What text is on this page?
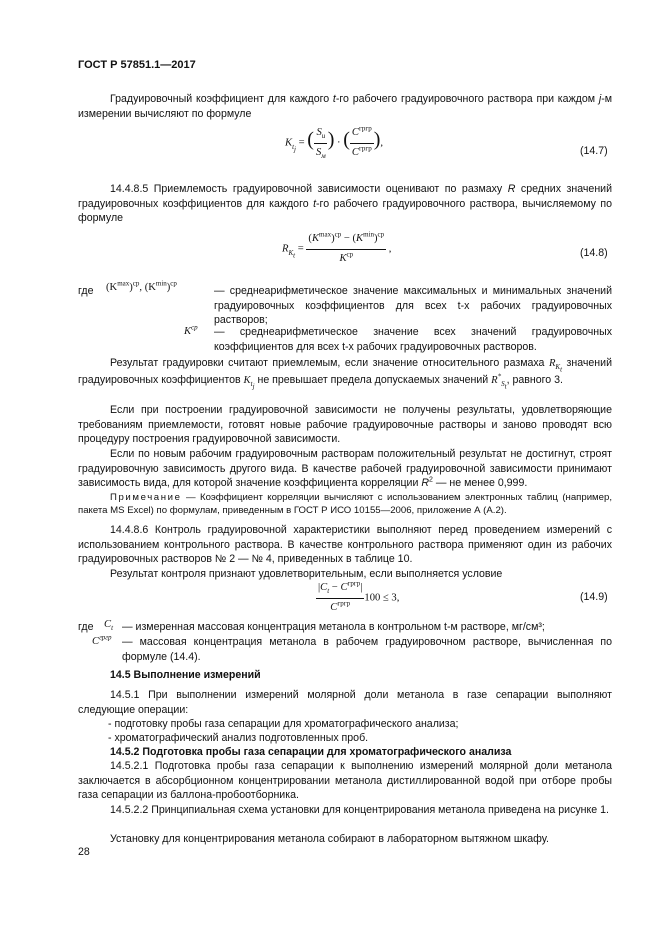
ГОСТ Р 57851.1—2017
Градуировочный коэффициент для каждого t-го рабочего градуировочного раствора при каждом j-м измерении вычисляют по формуле
$K_{t_j}$ = ( $\frac{S_и}{S_м}$ ) · ( $\frac{C^{гргр}}{C^{гргр}}$ ),
(14.7)
14.4.8.5 Приемлемость градуировочной зависимости оценивают по размаху R средних значений градуировочных коэффициентов для каждого t-го рабочего градуировочного раствора, вычисляемому по формуле
$R_{K_t} = \frac{(K^{max})^{ср} - (K^{min})^{ср}}{K^{ср}}$ ,	(14.8)
где $(K^{max})^{ср}$, $(K^{min})^{ср}$
— среднеарифметическое значение максимальных и минимальных значений градуировочных коэффициентов для всех t-х рабочих градуировочных растворов;
$K^{ср}$ — среднеарифметическое значение всех значений градуировочных коэффициентов для всех t-х рабочих градуировочных растворов.
Результат градуировки считают приемлемым, если значение относительного размаха $R_{K_t}$ значений градуировочных коэффициентов $K_{t_j}$ не превышает предела допускаемых значений $R^*_{S_t}$, равного 3.
Если при построении градуировочной зависимости не получены результаты, удовлетворяющие требованиям приемлемости, готовят новые рабочие градуировочные растворы и заново проводят всю процедуру построения градуировочной зависимости.
Если по новым рабочим градуировочным растворам положительный результат не достигнут, строят градуировочную зависимость другого вида. В качестве рабочей градуировочной зависимости принимают зависимость вида, для которой значение коэффициента корреляции $R^2$ — не менее 0,999.
Примечание — Коэффициент корреляции вычисляют с использованием электронных таблиц (например, пакета MS Excel) по формулам, приведенным в ГОСТ Р ИСО 10155—2006, приложение А (А.2).
14.4.8.6 Контроль градуировочной характеристики выполняют перед проведением измерений с использованием контрольного раствора. В качестве контрольного раствора применяют один из рабочих градуировочных растворов № 2 — № 4, приведенных в таблице 10.
Результат контроля признают удовлетворительным, если выполняется условие
$\frac{|C_t - C^{гргр}|}{C^{гргр}} 100 \le 3$,	(14.9)
где $C_t$ — измеренная массовая концентрация метанола в контрольном t-м растворе, мг/см³;
$C^{гргр}$ — массовая концентрация метанола в рабочем градуировочном растворе, вычисленная по формуле (14.4).
14.5 Выполнение измерений
14.5.1 При выполнении измерений молярной доли метанола в газе сепарации выполняют следующие операции:
- подготовку пробы газа сепарации для хроматографического анализа;
- хроматографический анализ подготовленных проб.
14.5.2 Подготовка пробы газа сепарации для хроматографического анализа
14.5.2.1 Подготовка пробы газа сепарации к выполнению измерений молярной доли метанола заключается в абсорбционном концентрировании метанола дистиллированной водой при отборе пробы газа сепарации из баллона-пробоотборника.
14.5.2.2 Принципиальная схема установки для концентрирования метанола приведена на рисунке 1.
Установку для концентрирования метанола собирают в лабораторном вытяжном шкафу.
28
